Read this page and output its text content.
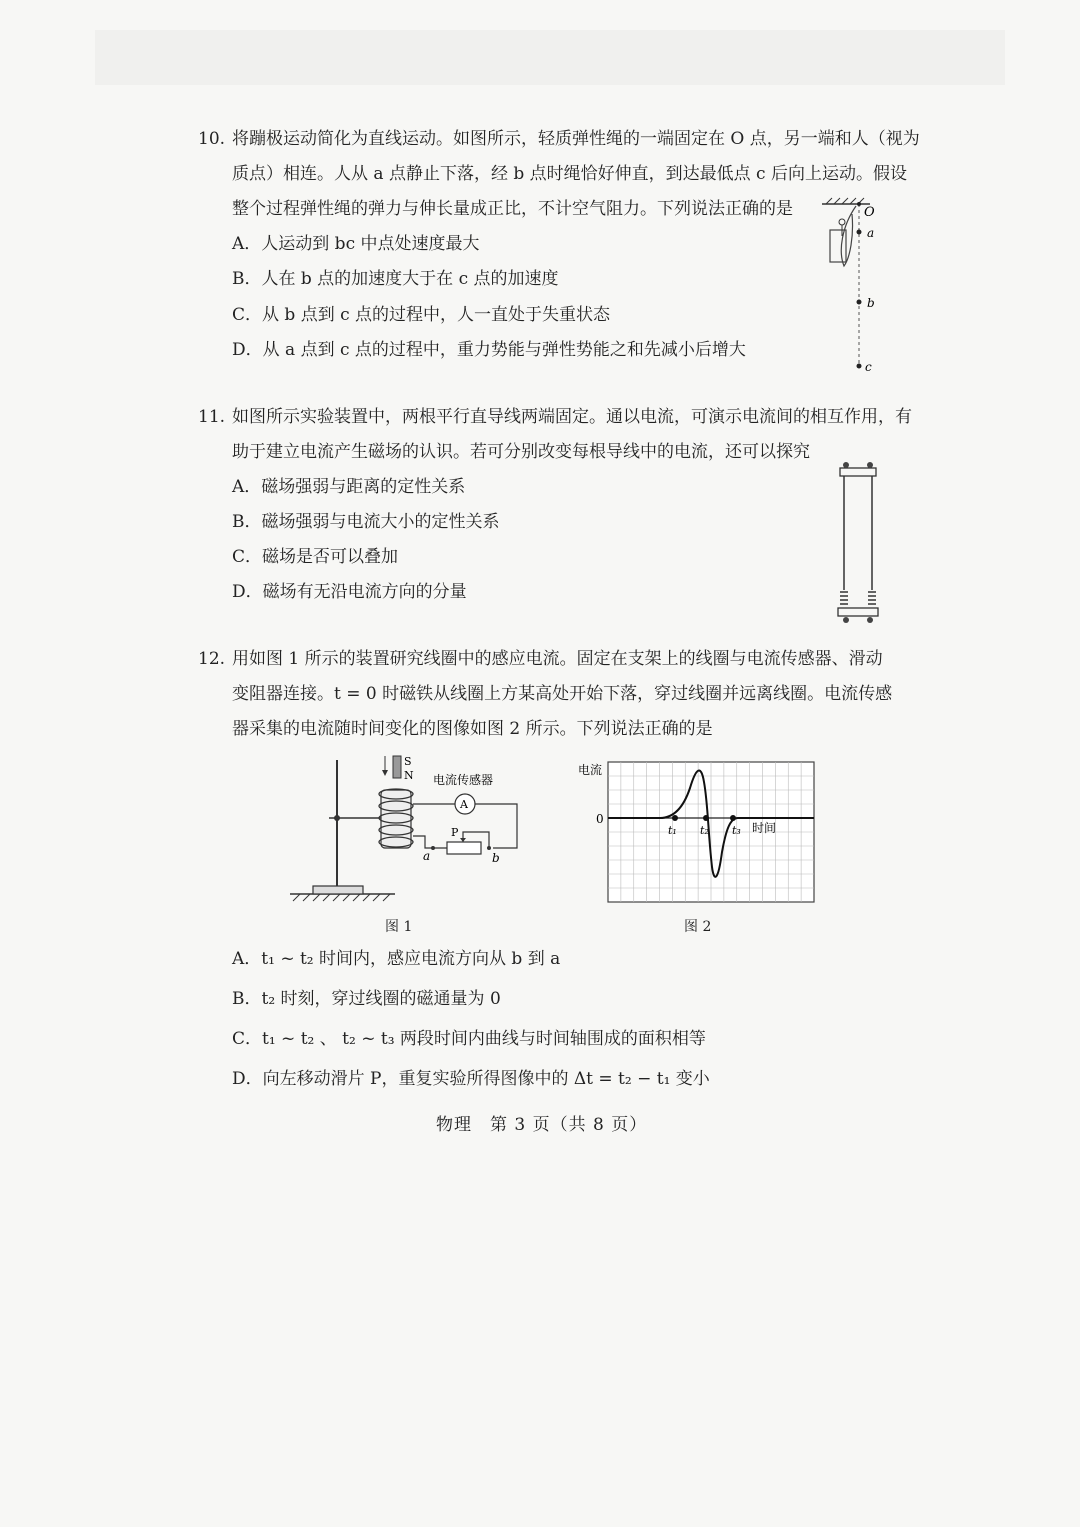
10. 将蹦极运动简化为直线运动。如图所示，轻质弹性绳的一端固定在 O 点，另一端和人（视为
质点）相连。人从 a 点静止下落，经 b 点时绳恰好伸直，到达最低点 c 后向上运动。假设
整个过程弹性绳的弹力与伸长量成正比，不计空气阻力。下列说法正确的是
A．人运动到 bc 中点处速度最大
B．人在 b 点的加速度大于在 c 点的加速度
C．从 b 点到 c 点的过程中，人一直处于失重状态
D．从 a 点到 c 点的过程中，重力势能与弹性势能之和先减小后增大
O
a
b
c
11. 如图所示实验装置中，两根平行直导线两端固定。通以电流，可演示电流间的相互作用，有
助于建立电流产生磁场的认识。若可分别改变每根导线中的电流，还可以探究
A．磁场强弱与距离的定性关系
B．磁场强弱与电流大小的定性关系
C．磁场是否可以叠加
D．磁场有无沿电流方向的分量
12. 用如图 1 所示的装置研究线圈中的感应电流。固定在支架上的线圈与电流传感器、滑动
变阻器连接。t = 0 时磁铁从线圈上方某高处开始下落，穿过线圈并远离线圈。电流传感
器采集的电流随时间变化的图像如图 2 所示。下列说法正确的是
S
N 电流传感器
A
P
a	b
图 1
电流
0
t₁ t₂ t₃ 时间
图 2
A．t₁ ~ t₂ 时间内，感应电流方向从 b 到 a
B．t₂ 时刻，穿过线圈的磁通量为 0
C．t₁ ~ t₂ 、 t₂ ~ t₃ 两段时间内曲线与时间轴围成的面积相等
D．向左移动滑片 P，重复实验所得图像中的 Δt = t₂ − t₁ 变小
物理　第 3 页（共 8 页）
